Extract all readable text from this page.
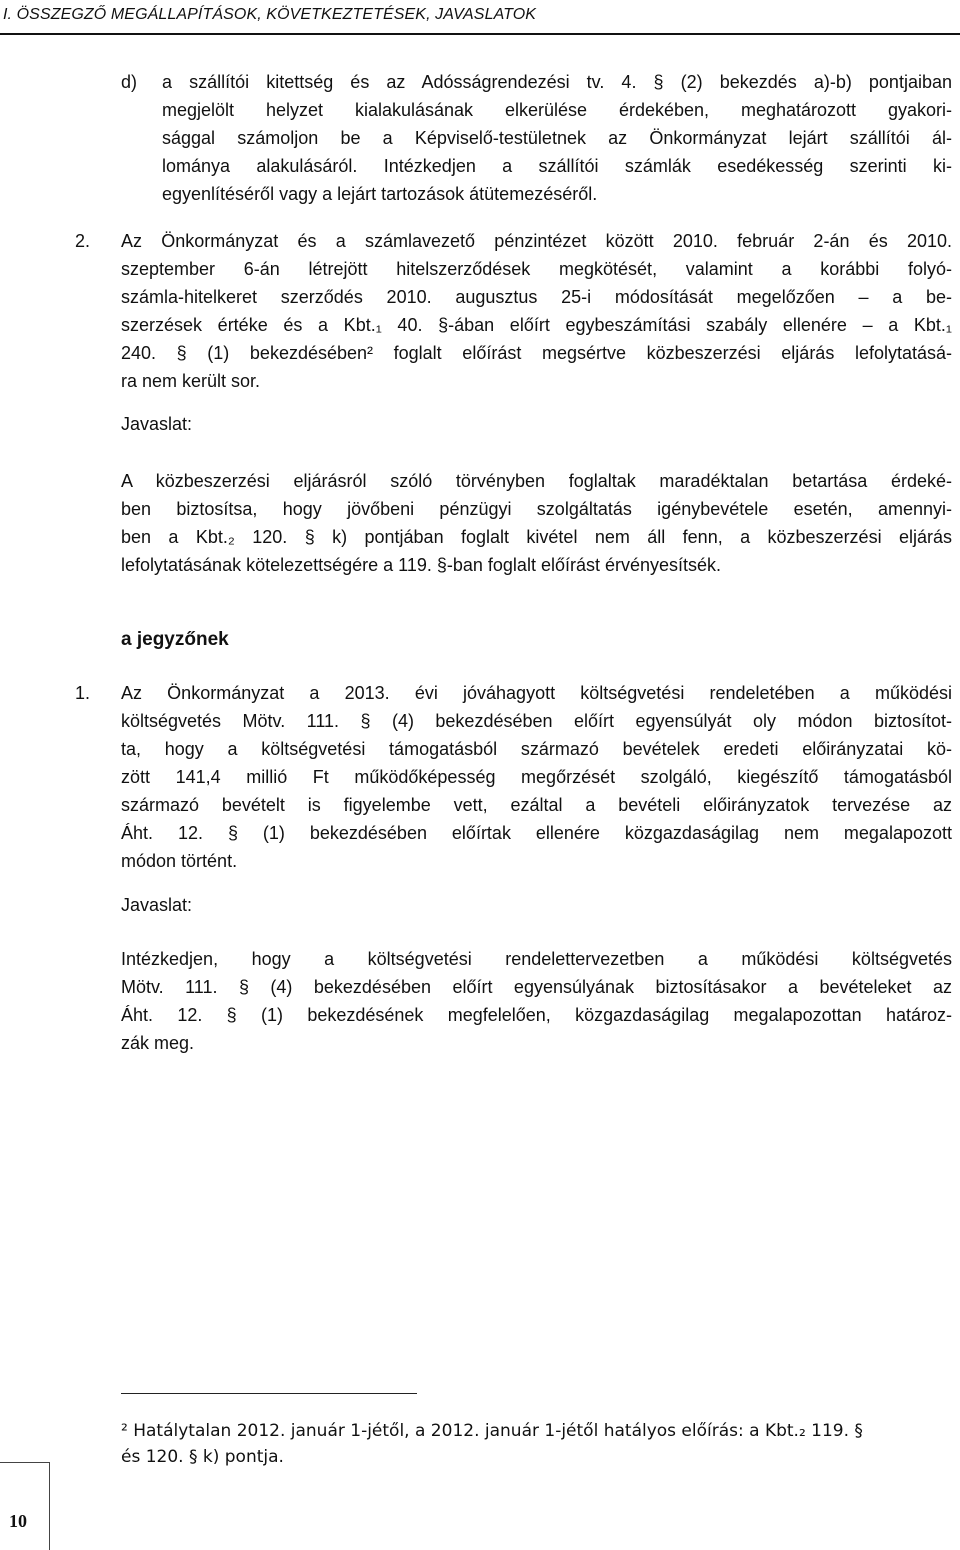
I. ÖSSZEGZŐ MEGÁLLAPÍTÁSOK, KÖVETKEZTETÉSEK, JAVASLATOK
d) a szállítói kitettség és az Adósságrendezési tv. 4. § (2) bekezdés a)-b) pontjaiban
megjelölt helyzet kialakulásának elkerülése érdekében, meghatározott gyakori-
sággal számoljon be a Képviselő-testületnek az Önkormányzat lejárt szállítói ál-
lománya alakulásáról. Intézkedjen a szállítói számlák esedékesség szerinti ki-
egyenlítéséről vagy a lejárt tartozások átütemezéséről.
2. Az Önkormányzat és a számlavezető pénzintézet között 2010. február 2-án és 2010.
szeptember 6-án létrejött hitelszerződések megkötését, valamint a korábbi folyó-
számla-hitelkeret szerződés 2010. augusztus 25-i módosítását megelőzően – a be-
szerzések értéke és a Kbt.₁ 40. §-ában előírt egybeszámítási szabály ellenére – a Kbt.₁
240. § (1) bekezdésében² foglalt előírást megsértve közbeszerzési eljárás lefolytatásá-
ra nem került sor.
Javaslat:
A közbeszerzési eljárásról szóló törvényben foglaltak maradéktalan betartása érdeké-
ben biztosítsa, hogy jövőbeni pénzügyi szolgáltatás igénybevétele esetén, amennyi-
ben a Kbt.₂ 120. § k) pontjában foglalt kivétel nem áll fenn, a közbeszerzési eljárás
lefolytatásának kötelezettségére a 119. §-ban foglalt előírást érvényesítsék.
a jegyzőnek
1. Az Önkormányzat a 2013. évi jóváhagyott költségvetési rendeletében a működési
költségvetés Mötv. 111. § (4) bekezdésében előírt egyensúlyát oly módon biztosítot-
ta, hogy a költségvetési támogatásból származó bevételek eredeti előirányzatai kö-
zött 141,4 millió Ft működőképesség megőrzését szolgáló, kiegészítő támogatásból
származó bevételt is figyelembe vett, ezáltal a bevételi előirányzatok tervezése az
Áht. 12. § (1) bekezdésében előírtak ellenére közgazdaságilag nem megalapozott
módon történt.
Javaslat:
Intézkedjen, hogy a költségvetési rendelettervezetben a működési költségvetés
Mötv. 111. § (4) bekezdésében előírt egyensúlyának biztosításakor a bevételeket az
Áht. 12. § (1) bekezdésének megfelelően, közgazdaságilag megalapozottan határoz-
zák meg.
² Hatálytalan 2012. január 1-jétől, a 2012. január 1-jétől hatályos előírás: a Kbt.₂ 119. §
és 120. § k) pontja.
10
